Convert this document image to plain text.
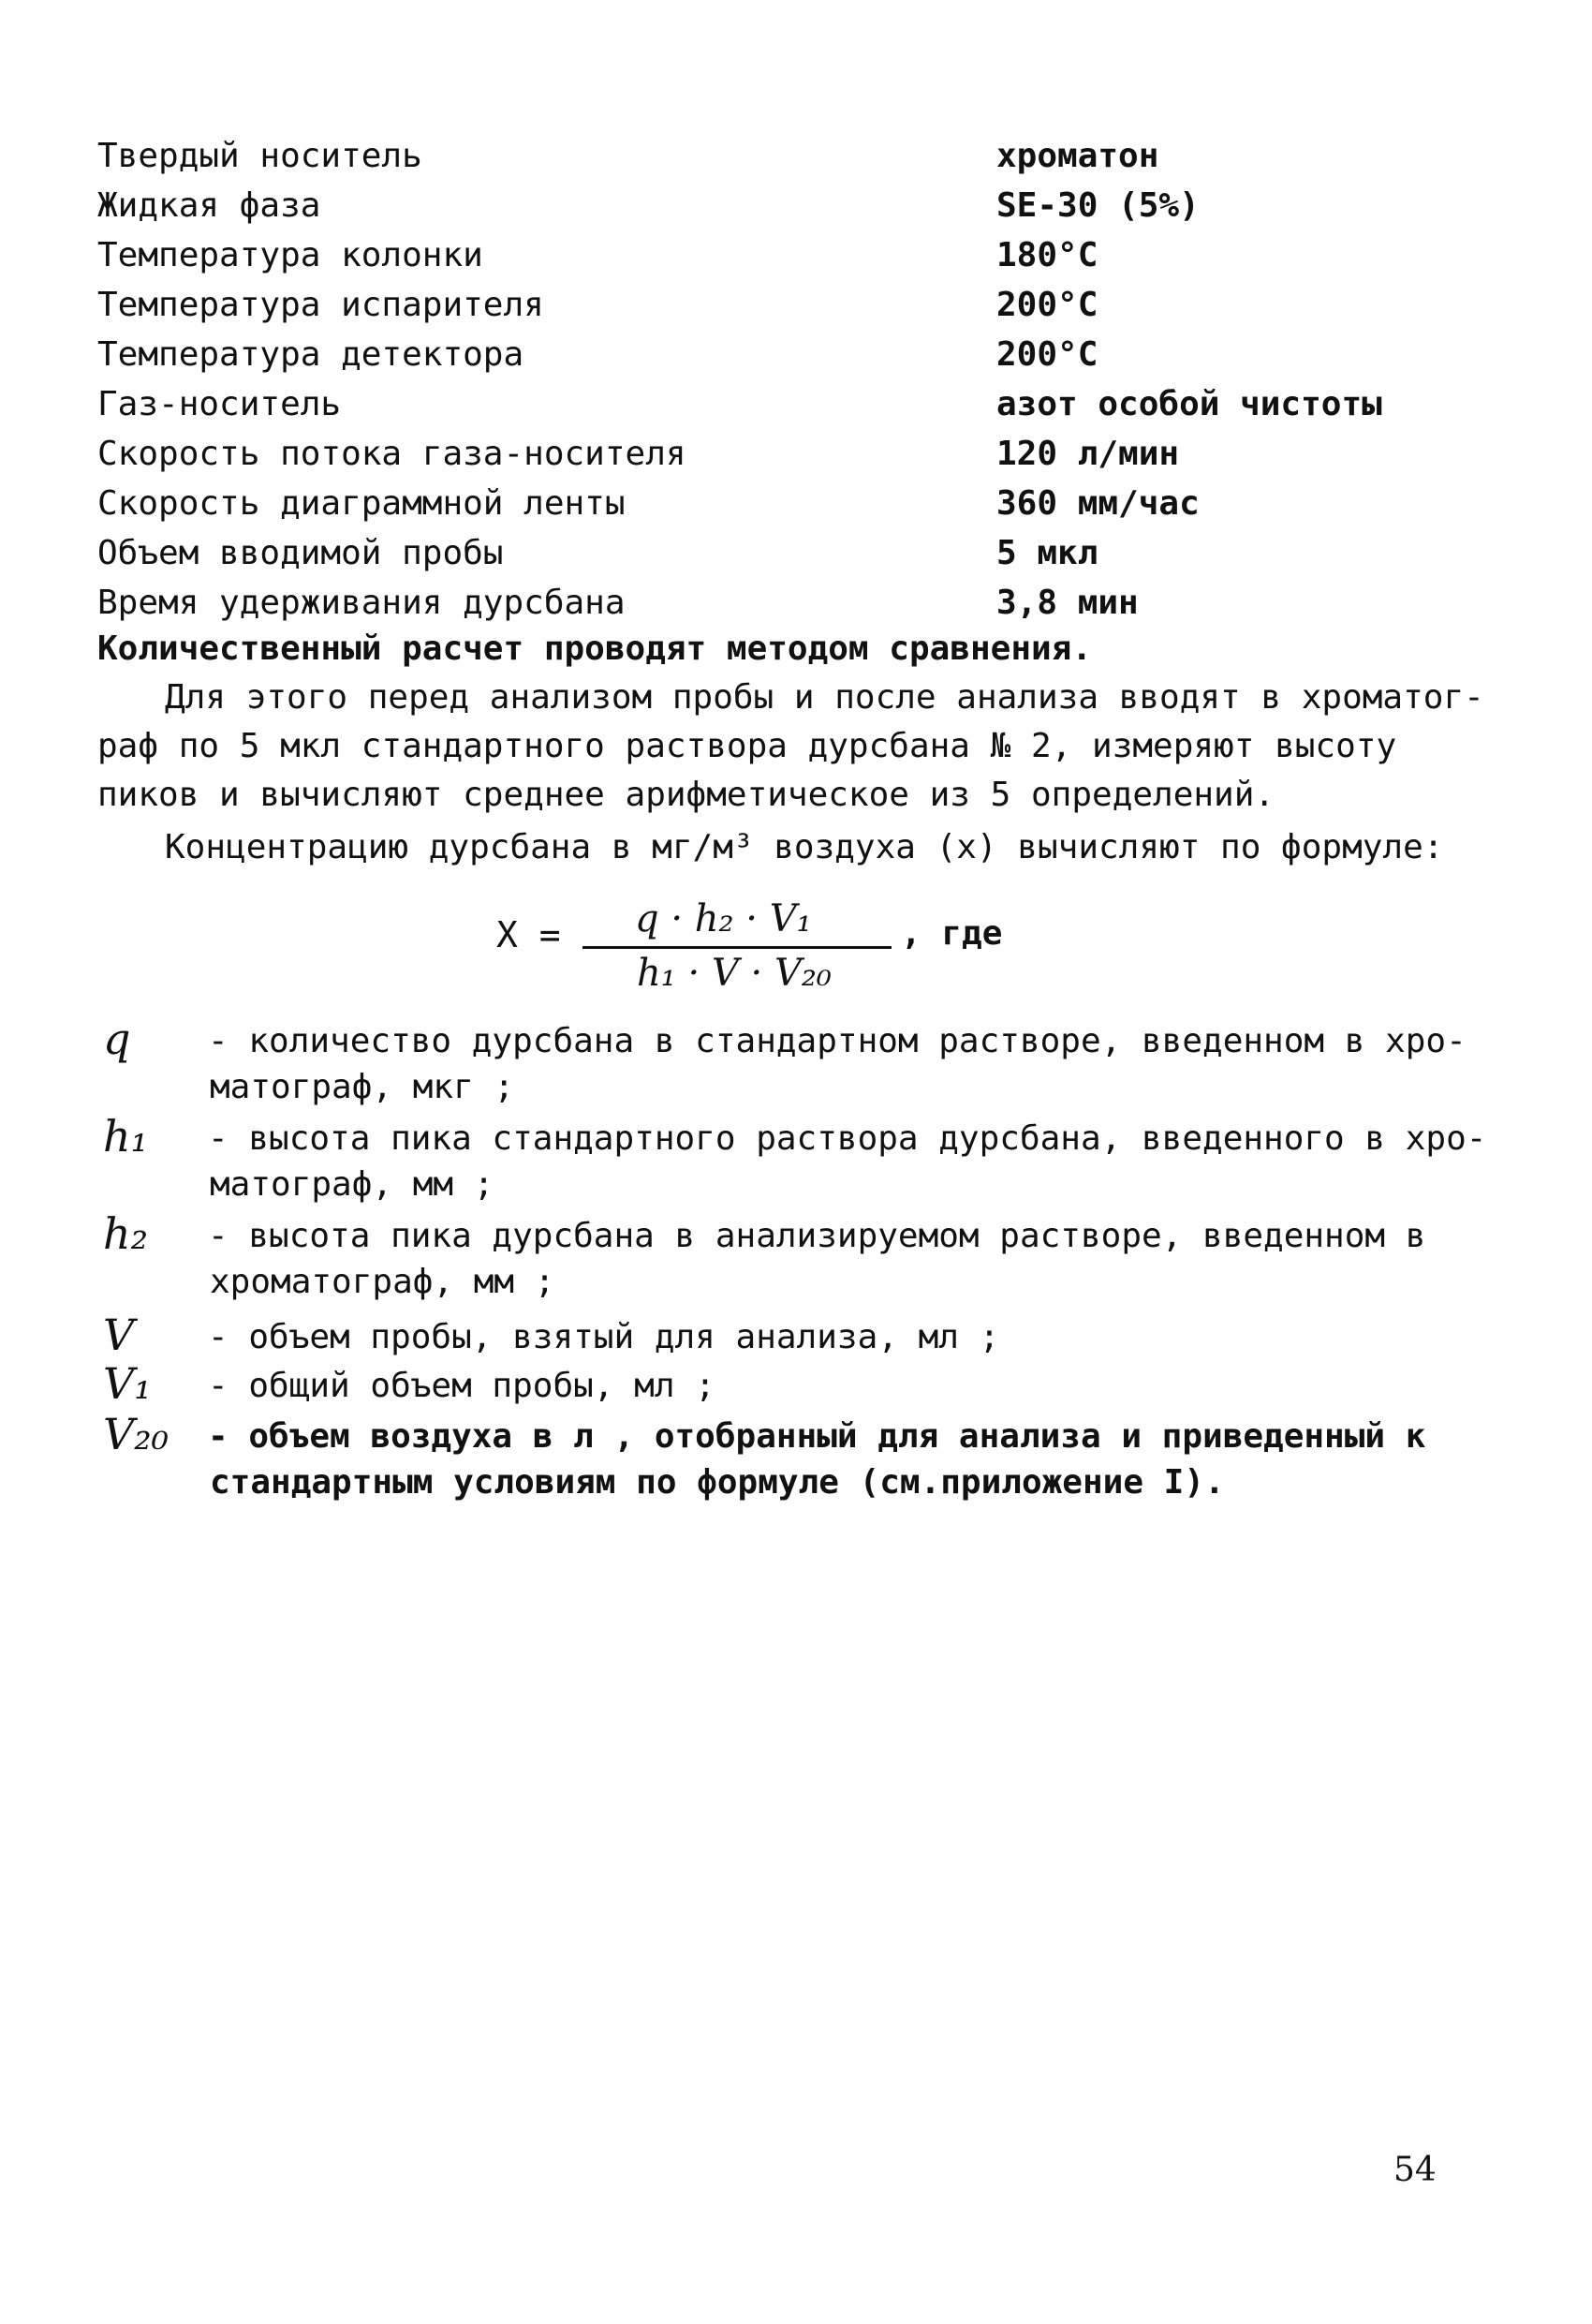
Твердый носитель	хроматон
Жидкая фаза	SE-30 (5%)
Температура колонки	180°С
Температура испарителя	200°С
Температура детектора	200°С
Газ-носитель	азот особой чистоты
Скорость потока газа-носителя	120 л/мин
Скорость диаграммной ленты	360 мм/час
Объем вводимой пробы	5 мкл
Время удерживания дурсбана	3,8 мин
Количественный расчет проводят методом сравнения.
Для этого перед анализом пробы и после анализа вводят в хроматог-
раф по 5 мкл стандартного раствора дурсбана № 2, измеряют высоту
пиков и вычисляют среднее арифметическое из 5 определений.
Концентрацию дурсбана в мг/м³ воздуха (х) вычисляют по формуле:
Х = q · h₂ · V₁
h₁ · V · V₂₀
, где
q	- количество дурсбана в стандартном растворе, введенном в хро-
матограф, мкг ;
h₁	- высота пика стандартного раствора дурсбана, введенного в хро-
матограф, мм ;
h₂	- высота пика дурсбана в анализируемом растворе, введенном в
хроматограф, мм ;
V	- объем пробы, взятый для анализа, мл ;
V₁	- общий объем пробы, мл ;
V₂₀	- объем воздуха в л , отобранный для анализа и приведенный к
стандартным условиям по формуле (см.приложение I).
54
